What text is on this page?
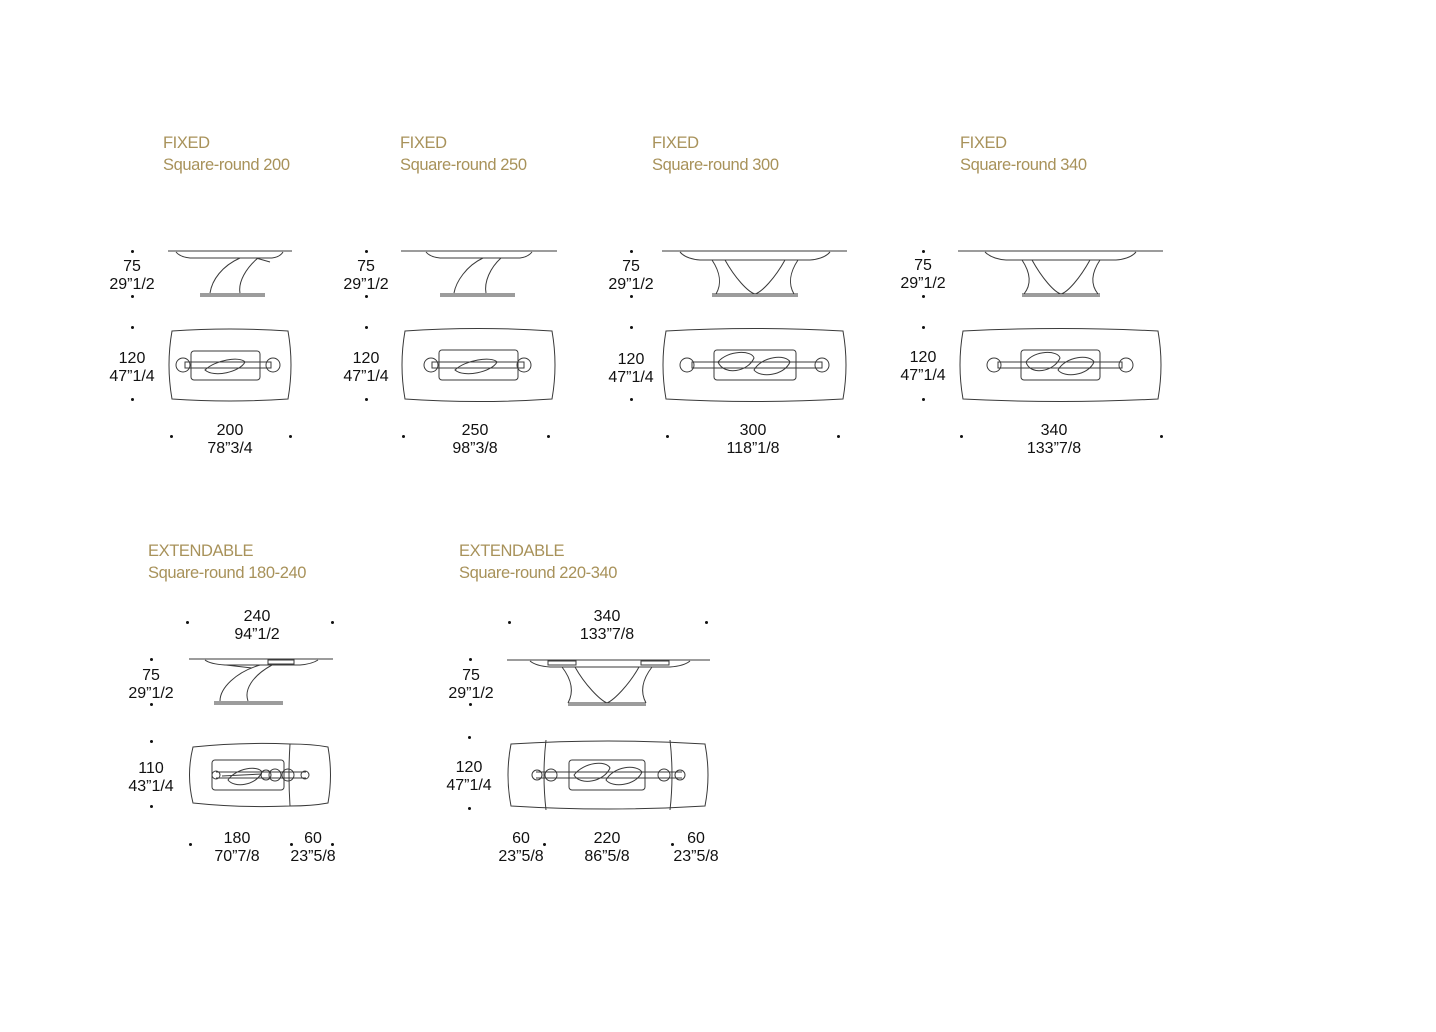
FIXED
Square-round 200
FIXED
Square-round 250
FIXED
Square-round 300
FIXED
Square-round 340
EXTENDABLE
Square-round 180-240
EXTENDABLE
Square-round 220-340
75
29”1/2
120
47”1/4
200
78”3/4
75
29”1/2
120
47”1/4
250
98”3/8
75
29”1/2
120
47”1/4
300
118”1/8
75
29”1/2
120
47”1/4
340
133”7/8
240
94”1/2
75
29”1/2
110
43”1/4
180
70”7/8
60
23”5/8
340
133”7/8
75
29”1/2
120
47”1/4
60
23”5/8
220
86”5/8
60
23”5/8
